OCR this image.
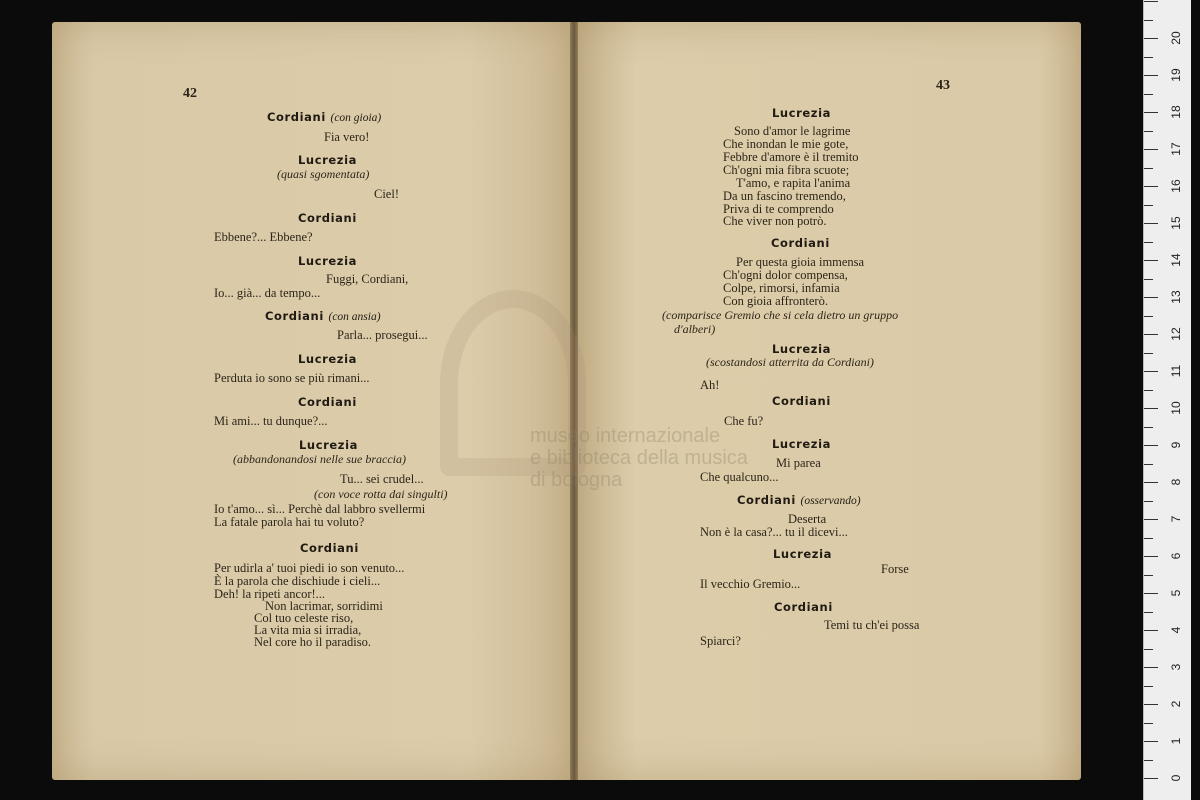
museo internazionale
e biblioteca della musica
di bologna
42
Cordiani (con gioia)
Fia vero!
Lucrezia
(quasi sgomentata)
Ciel!
Cordiani
Ebbene?... Ebbene?
Lucrezia
Fuggi, Cordiani,
Io... già... da tempo...
Cordiani (con ansia)
Parla... prosegui...
Lucrezia
Perduta io sono se più rimani...
Cordiani
Mi ami... tu dunque?...
Lucrezia
(abbandonandosi nelle sue braccia)
Tu... sei crudel...
(con voce rotta dai singulti)
Io t'amo... sì... Perchè dal labbro svellermi
La fatale parola hai tu voluto?
Cordiani
Per udirla a' tuoi piedi io son venuto...
È la parola che dischiude i cieli...
Deh! la ripeti ancor!...
Non lacrimar, sorridimi
Col tuo celeste riso,
La vita mia si irradia,
Nel core ho il paradiso.
43
Lucrezia
Sono d'amor le lagrime
Che inondan le mie gote,
Febbre d'amore è il tremito
Ch'ogni mia fibra scuote;
T'amo, e rapita l'anima
Da un fascino tremendo,
Priva di te comprendo
Che viver non potrò.
Cordiani
Per questa gioia immensa
Ch'ogni dolor compensa,
Colpe, rimorsi, infamia
Con gioia affronterò.
(comparisce Gremio che si cela dietro un gruppo
d'alberi)
Lucrezia
(scostandosi atterrita da Cordiani)
Ah!
Cordiani
Che fu?
Lucrezia
Mi parea
Che qualcuno...
Cordiani (osservando)
Deserta
Non è la casa?... tu il dicevi...
Lucrezia
Forse
Il vecchio Gremio...
Cordiani
Temi tu ch'ei possa
Spiarci?
0
1
2
3
4
5
6
7
8
9
10
11
12
13
14
15
16
17
18
19
20
